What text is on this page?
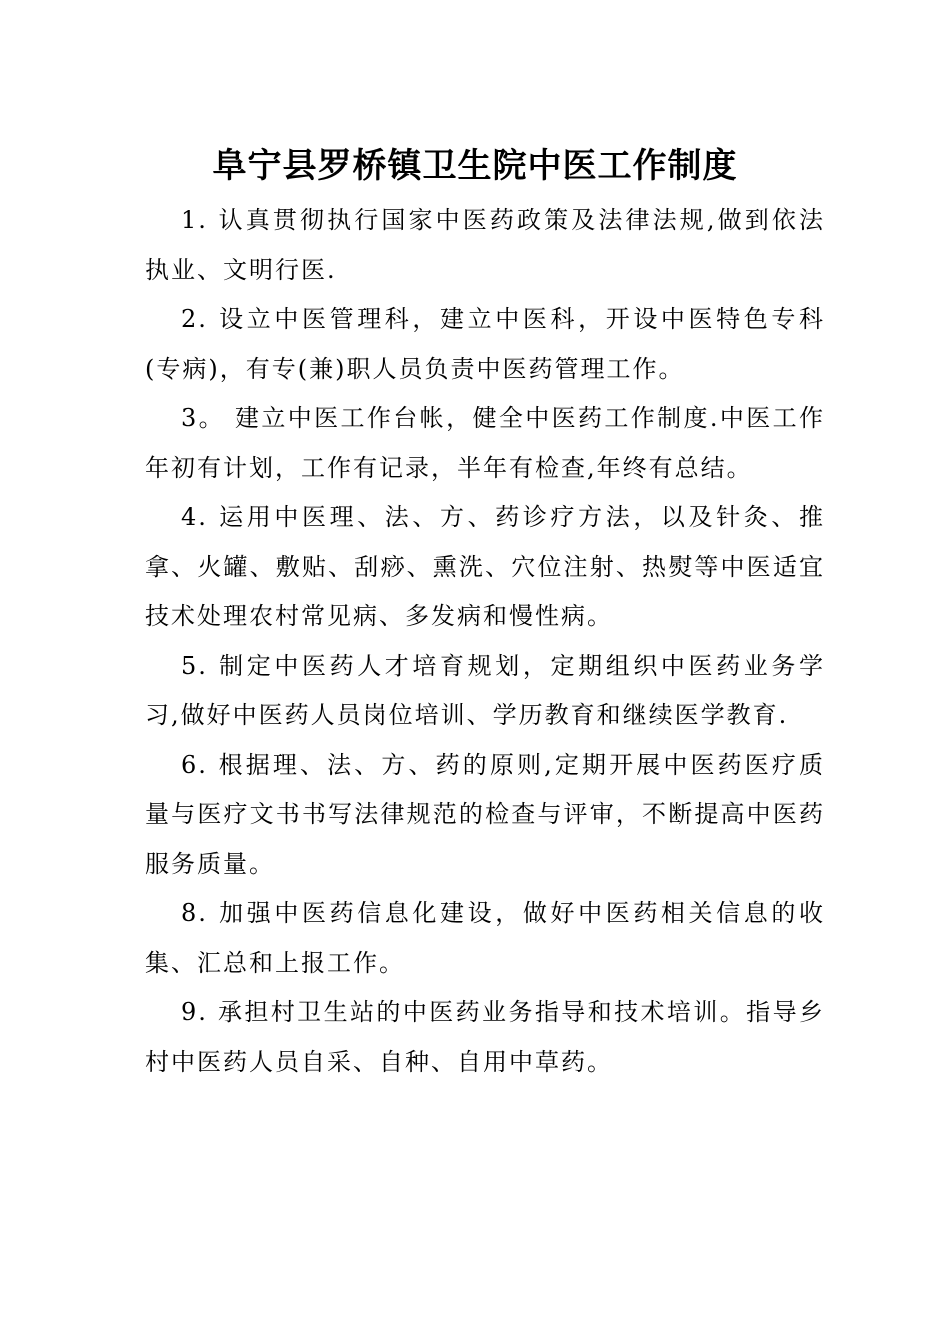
阜宁县罗桥镇卫生院中医工作制度

1. 认真贯彻执行国家中医药政策及法律法规,做到依法执业、文明行医.

2. 设立中医管理科，建立中医科，开设中医特色专科(专病)，有专(兼)职人员负责中医药管理工作。

3。 建立中医工作台帐，健全中医药工作制度.中医工作年初有计划，工作有记录，半年有检查,年终有总结。

4. 运用中医理、法、方、药诊疗方法，以及针灸、推拿、火罐、敷贴、刮痧、熏洗、穴位注射、热熨等中医适宜技术处理农村常见病、多发病和慢性病。

5. 制定中医药人才培育规划，定期组织中医药业务学习,做好中医药人员岗位培训、学历教育和继续医学教育.

6. 根据理、法、方、药的原则,定期开展中医药医疗质量与医疗文书书写法律规范的检查与评审，不断提高中医药服务质量。

8. 加强中医药信息化建设，做好中医药相关信息的收集、汇总和上报工作。

9. 承担村卫生站的中医药业务指导和技术培训。指导乡村中医药人员自采、自种、自用中草药。
